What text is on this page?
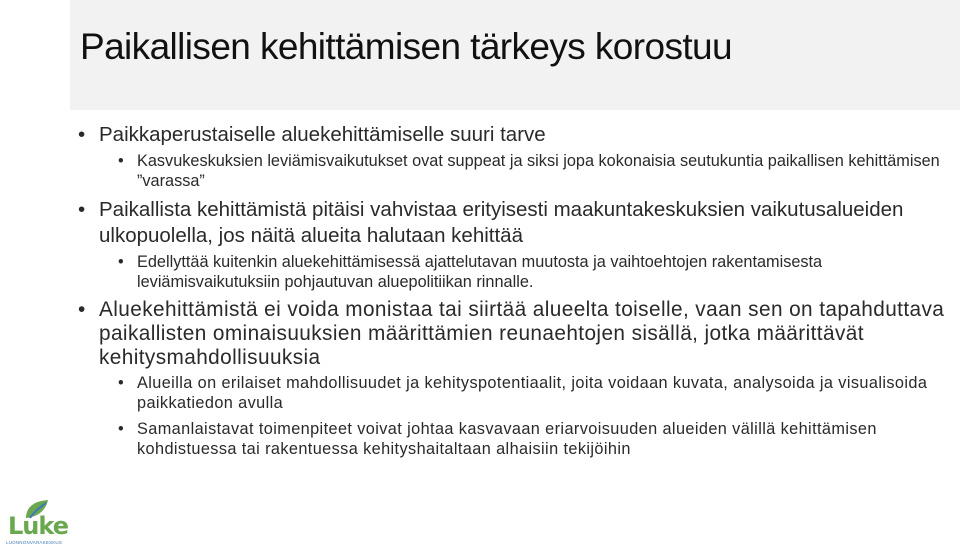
Paikallisen kehittämisen tärkeys korostuu
• Paikkaperustaiselle aluekehittämiselle suuri tarve
• Kasvukeskuksien leviämisvaikutukset ovat suppeat ja siksi jopa kokonaisia seutukuntia paikallisen kehittämisen ”varassa”
• Paikallista kehittämistä pitäisi vahvistaa erityisesti maakuntakeskuksien vaikutusalueiden ulkopuolella, jos näitä alueita halutaan kehittää
• Edellyttää kuitenkin aluekehittämisessä ajattelutavan muutosta ja vaihtoehtojen rakentamisesta leviämisvaikutuksiin pohjautuvan aluepolitiikan rinnalle.
• Aluekehittämistä ei voida monistaa tai siirtää alueelta toiselle, vaan sen on tapahduttava paikallisten ominaisuuksien määrittämien reunaehtojen sisällä, jotka määrittävät kehitysmahdollisuuksia
• Alueilla on erilaiset mahdollisuudet ja kehityspotentiaalit, joita voidaan kuvata, analysoida ja visualisoida paikkatiedon avulla
• Samanlaistavat toimenpiteet voivat johtaa kasvavaan eriarvoisuuden alueiden välillä kehittämisen kohdistuessa tai rakentuessa kehityshaitaltaan alhaisiin tekijöihin
Luke
LUONNONVARAKESKUS
